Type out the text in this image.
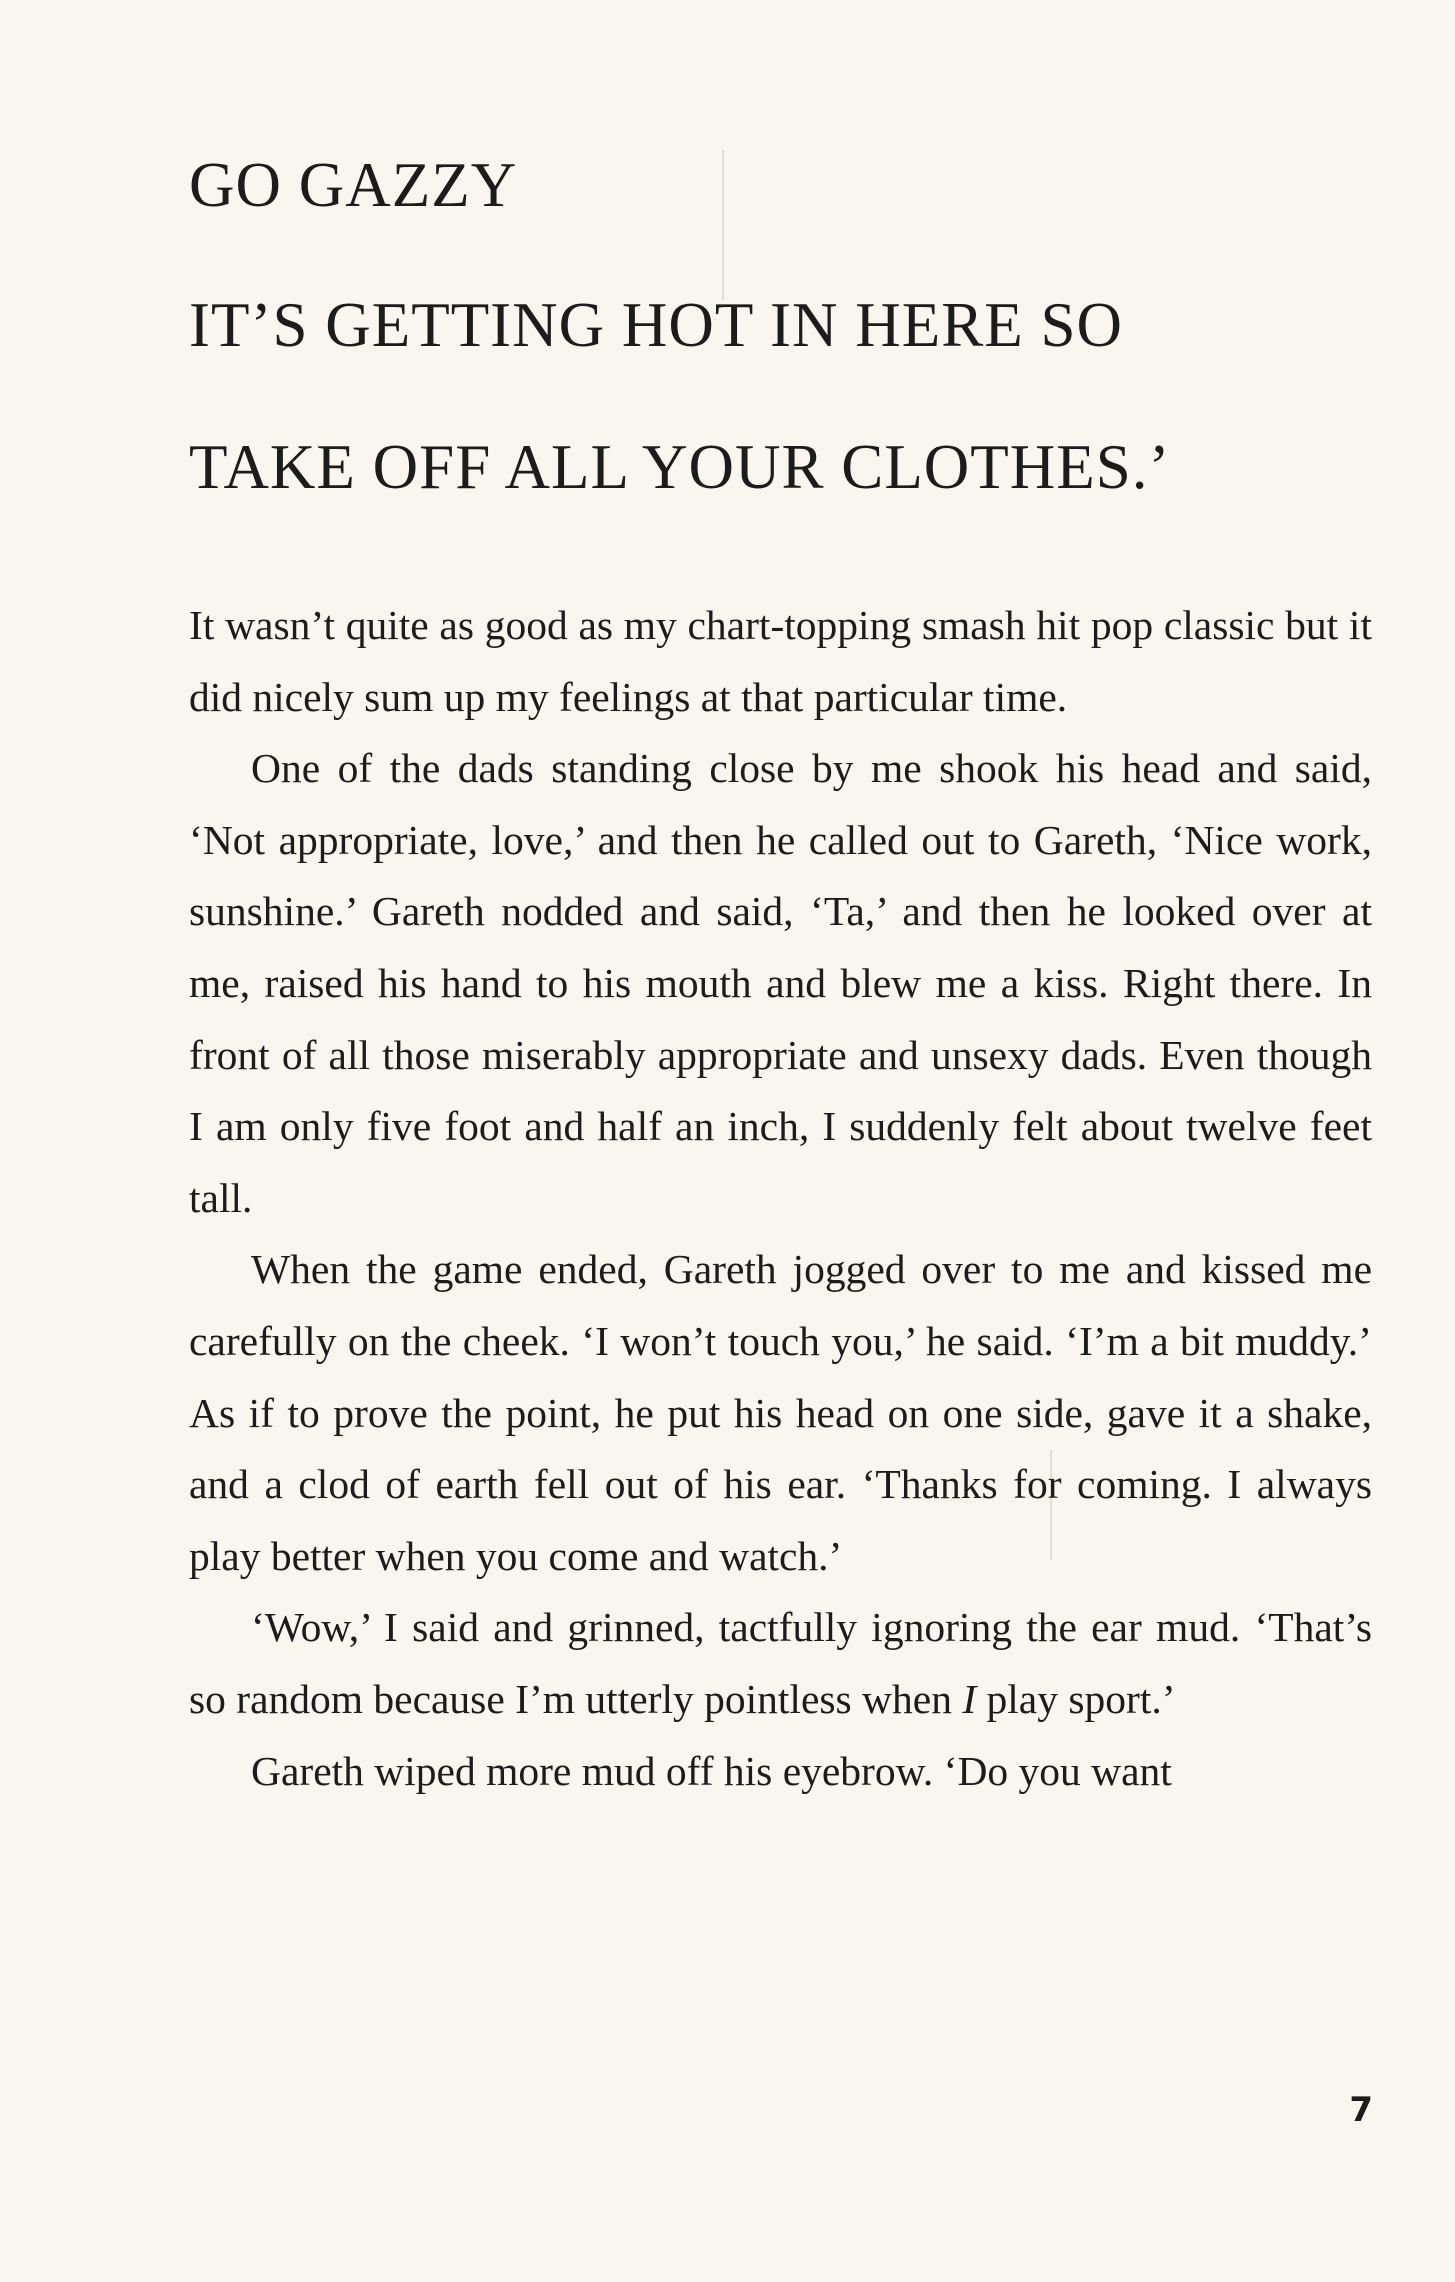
GO GAZZY
IT’S GETTING HOT IN HERE SO
TAKE OFF ALL YOUR CLOTHES.’

It wasn’t quite as good as my chart-topping smash hit pop classic but it did nicely sum up my feelings at that particular time.

One of the dads standing close by me shook his head and said, ‘Not appropriate, love,’ and then he called out to Gareth, ‘Nice work, sunshine.’ Gareth nodded and said, ‘Ta,’ and then he looked over at me, raised his hand to his mouth and blew me a kiss. Right there. In front of all those miserably appropriate and unsexy dads. Even though I am only five foot and half an inch, I suddenly felt about twelve feet tall.

When the game ended, Gareth jogged over to me and kissed me carefully on the cheek. ‘I won’t touch you,’ he said. ‘I’m a bit muddy.’ As if to prove the point, he put his head on one side, gave it a shake, and a clod of earth fell out of his ear. ‘Thanks for coming. I always play better when you come and watch.’

‘Wow,’ I said and grinned, tactfully ignoring the ear mud. ‘That’s so random because I’m utterly pointless when I play sport.’

Gareth wiped more mud off his eyebrow. ‘Do you want

7
